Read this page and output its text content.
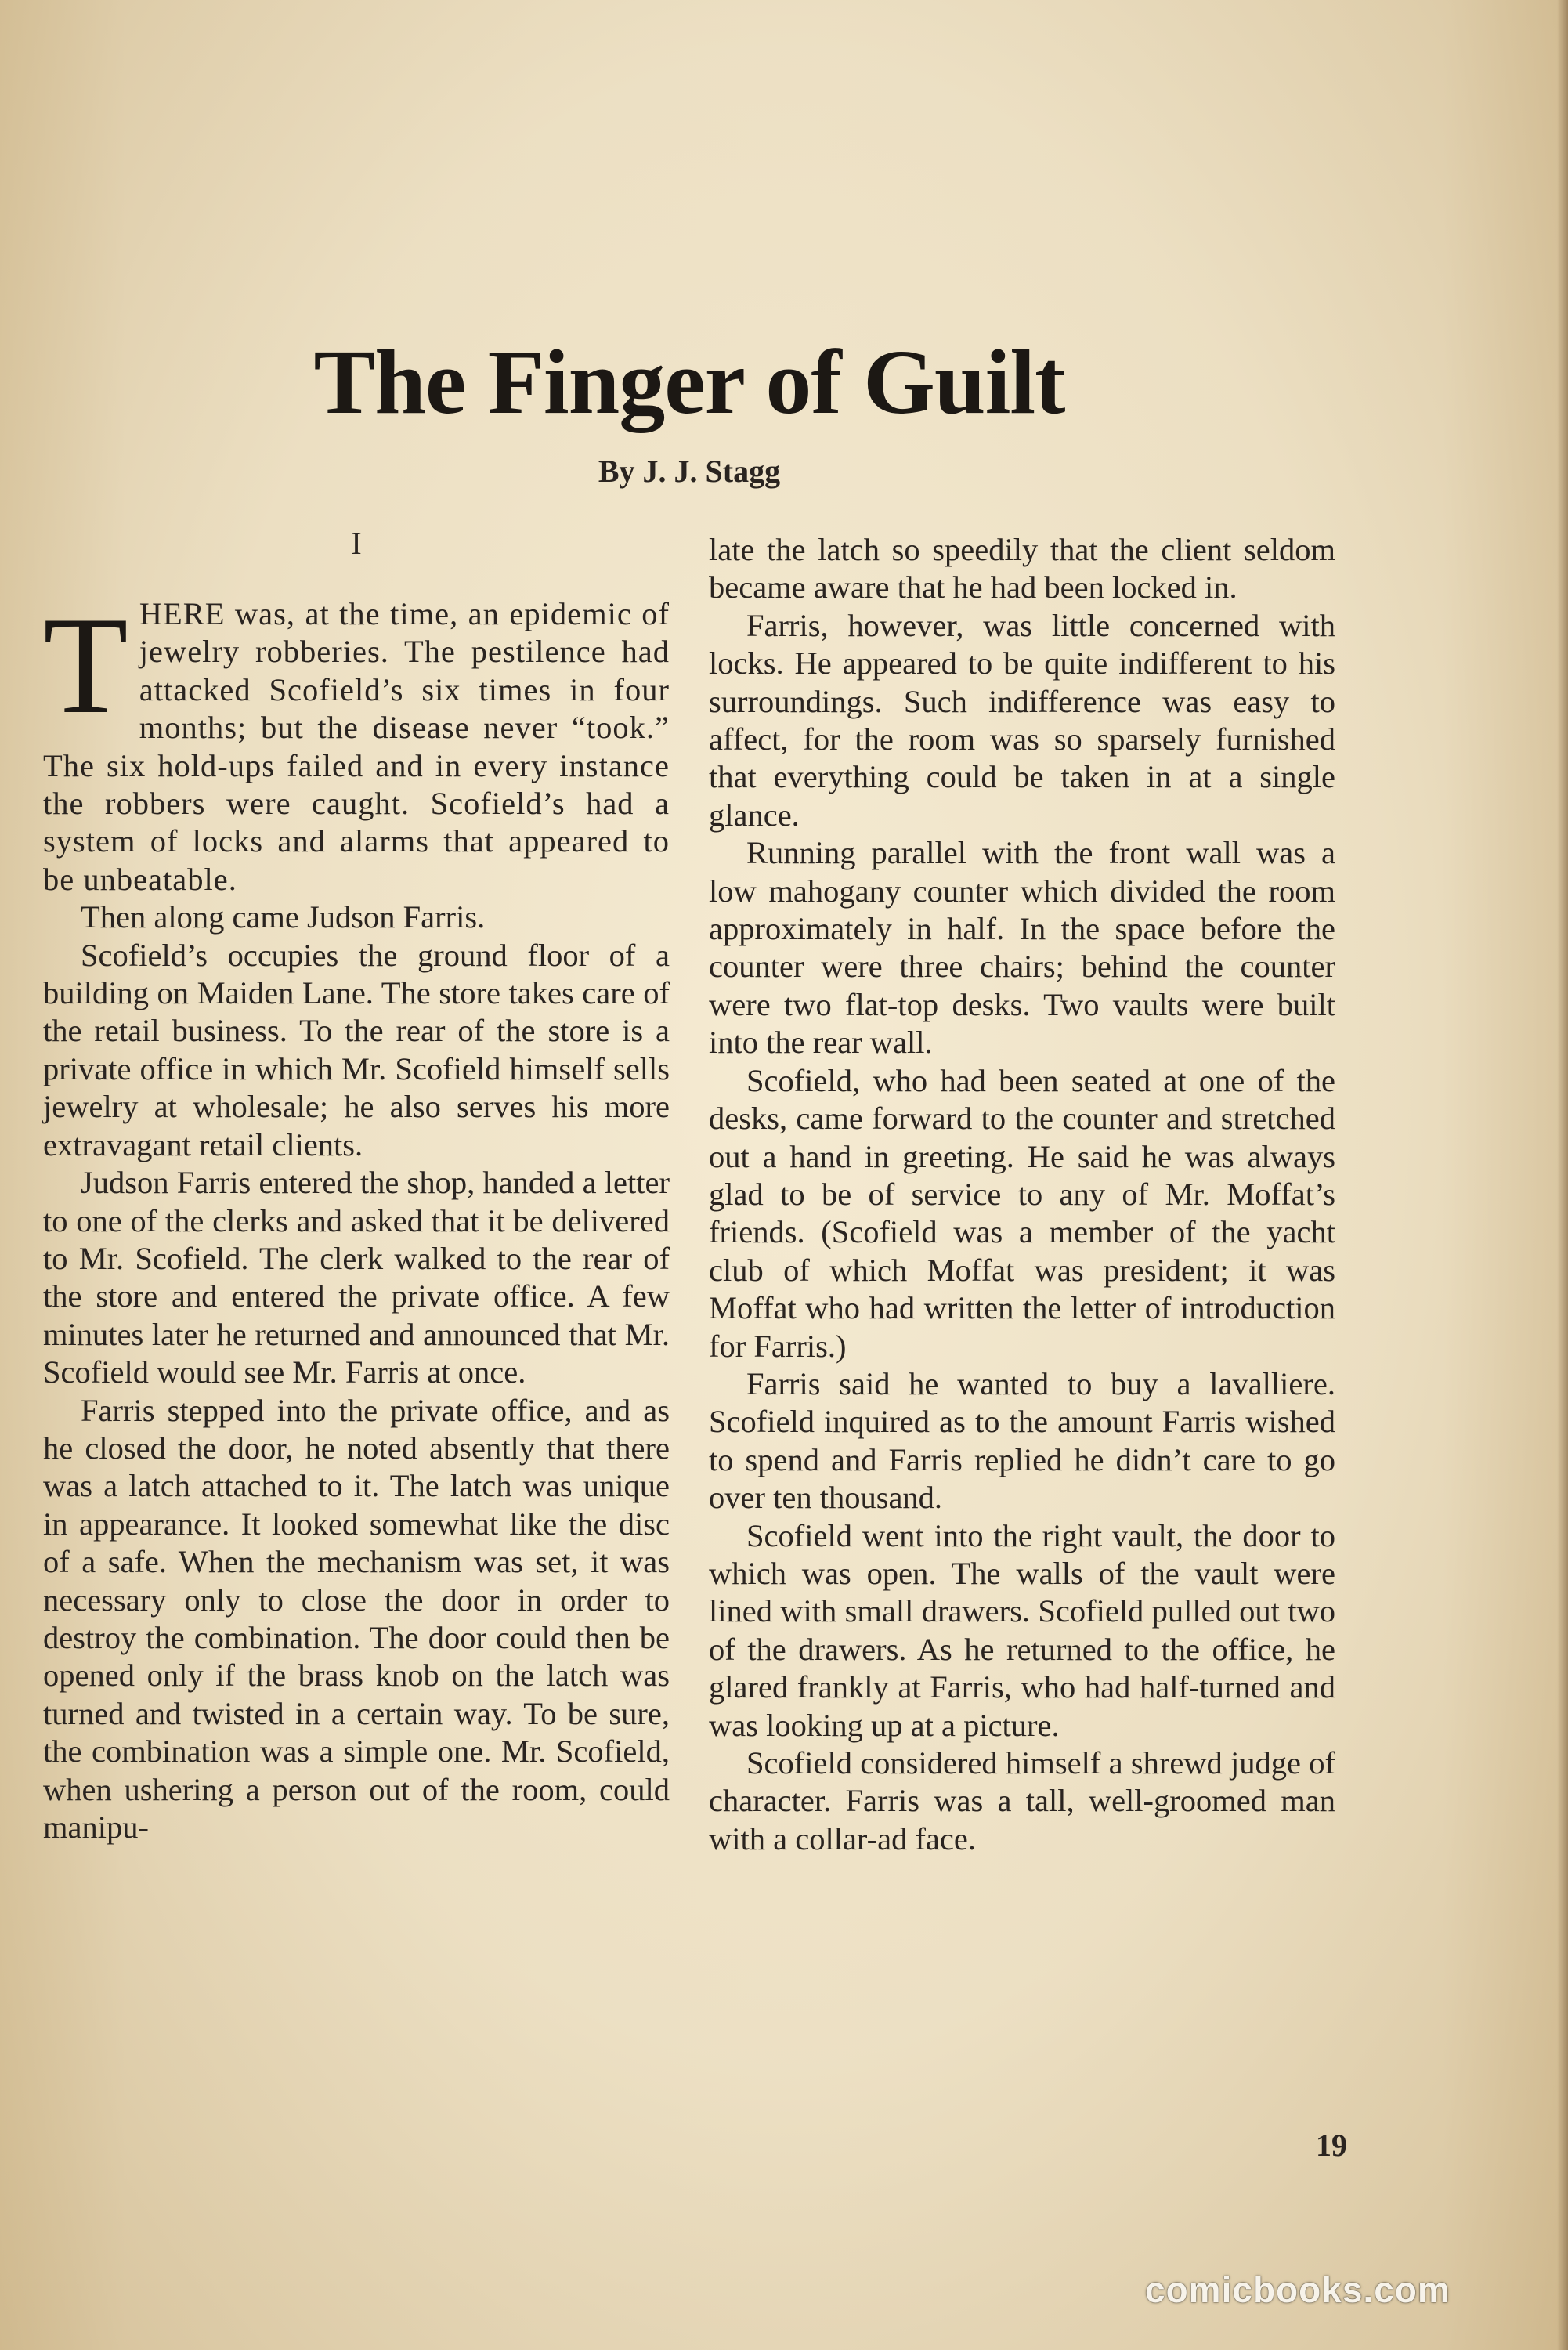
The Finger of Guilt
By J. J. Stagg
I

THERE was, at the time, an epidemic of jewelry robberies. The pestilence had attacked Scofield’s six times in four months; but the disease never “took.” The six hold-ups failed and in every instance the robbers were caught. Scofield’s had a system of locks and alarms that appeared to be unbeatable.

Then along came Judson Farris.

Scofield’s occupies the ground floor of a building on Maiden Lane. The store takes care of the retail business. To the rear of the store is a private office in which Mr. Scofield himself sells jewelry at wholesale; he also serves his more extravagant retail clients.

Judson Farris entered the shop, handed a letter to one of the clerks and asked that it be delivered to Mr. Scofield. The clerk walked to the rear of the store and entered the private office. A few minutes later he returned and announced that Mr. Scofield would see Mr. Farris at once.

Farris stepped into the private office, and as he closed the door, he noted absently that there was a latch attached to it. The latch was unique in appearance. It looked somewhat like the disc of a safe. When the mechanism was set, it was necessary only to close the door in order to destroy the combination. The door could then be opened only if the brass knob on the latch was turned and twisted in a certain way. To be sure, the combination was a simple one. Mr. Scofield, when ushering a person out of the room, could manipu-

late the latch so speedily that the client seldom became aware that he had been locked in.

Farris, however, was little concerned with locks. He appeared to be quite indifferent to his surroundings. Such indifference was easy to affect, for the room was so sparsely furnished that everything could be taken in at a single glance.

Running parallel with the front wall was a low mahogany counter which divided the room approximately in half. In the space before the counter were three chairs; behind the counter were two flat-top desks. Two vaults were built into the rear wall.

Scofield, who had been seated at one of the desks, came forward to the counter and stretched out a hand in greeting. He said he was always glad to be of service to any of Mr. Moffat’s friends. (Scofield was a member of the yacht club of which Moffat was president; it was Moffat who had written the letter of introduction for Farris.)

Farris said he wanted to buy a lavalliere. Scofield inquired as to the amount Farris wished to spend and Farris replied he didn’t care to go over ten thousand.

Scofield went into the right vault, the door to which was open. The walls of the vault were lined with small drawers. Scofield pulled out two of the drawers. As he returned to the office, he glared frankly at Farris, who had half-turned and was looking up at a picture.

Scofield considered himself a shrewd judge of character. Farris was a tall, well-groomed man with a collar-ad face.

19
comicbooks.com
